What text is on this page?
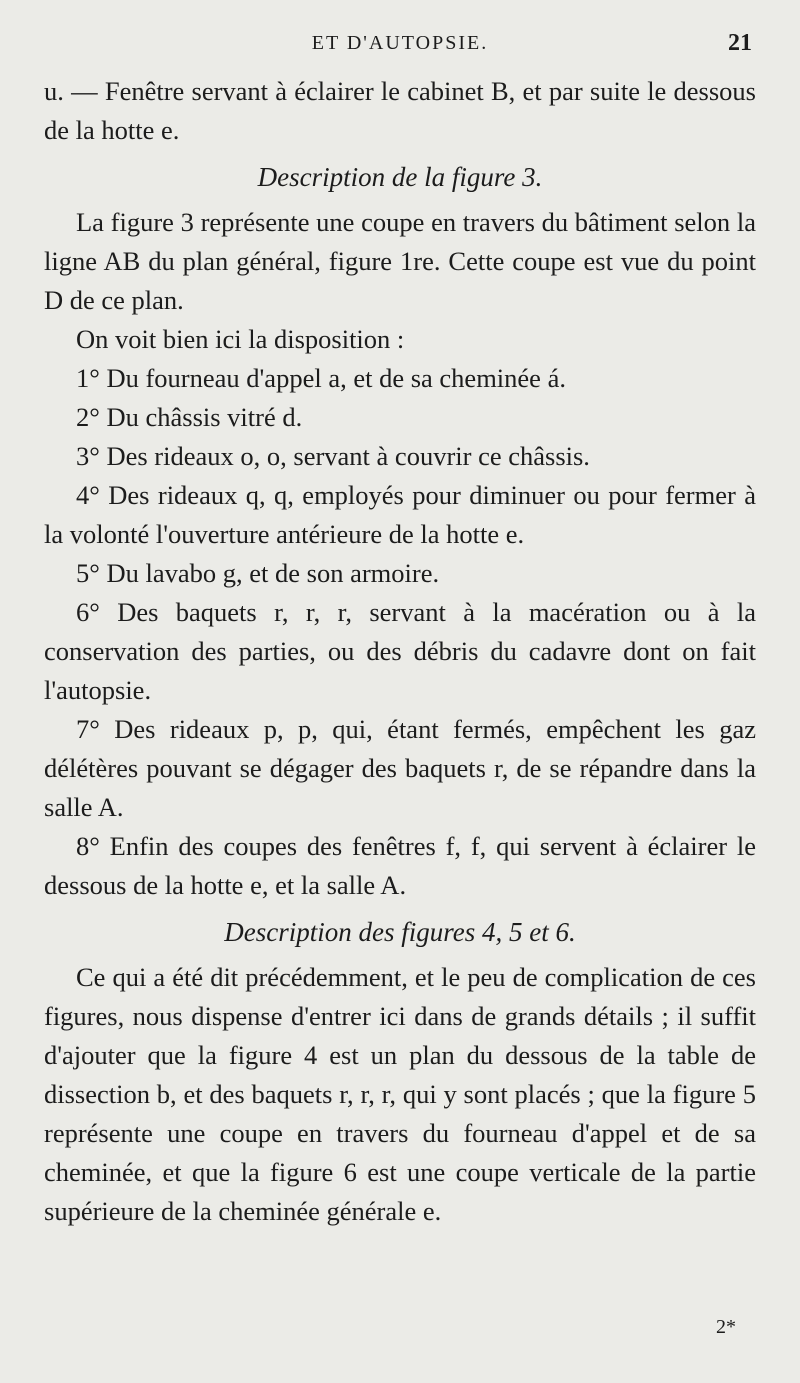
ET D'AUTOPSIE.	21

u. — Fenêtre servant à éclairer le cabinet B, et par suite le dessous de la hotte e.

Description de la figure 3.

La figure 3 représente une coupe en travers du bâtiment selon la ligne AB du plan général, figure 1re. Cette coupe est vue du point D de ce plan.

On voit bien ici la disposition :

1° Du fourneau d'appel a, et de sa cheminée á.

2° Du châssis vitré d.

3° Des rideaux o, o, servant à couvrir ce châssis.

4° Des rideaux q, q, employés pour diminuer ou pour fermer à la volonté l'ouverture antérieure de la hotte e.

5° Du lavabo g, et de son armoire.

6° Des baquets r, r, r, servant à la macération ou à la conservation des parties, ou des débris du cadavre dont on fait l'autopsie.

7° Des rideaux p, p, qui, étant fermés, empêchent les gaz délétères pouvant se dégager des baquets r, de se répandre dans la salle A.

8° Enfin des coupes des fenêtres f, f, qui servent à éclairer le dessous de la hotte e, et la salle A.

Description des figures 4, 5 et 6.

Ce qui a été dit précédemment, et le peu de complication de ces figures, nous dispense d'entrer ici dans de grands détails ; il suffit d'ajouter que la figure 4 est un plan du dessous de la table de dissection b, et des baquets r, r, r, qui y sont placés ; que la figure 5 représente une coupe en travers du fourneau d'appel et de sa cheminée, et que la figure 6 est une coupe verticale de la partie supérieure de la cheminée générale e.

2*
